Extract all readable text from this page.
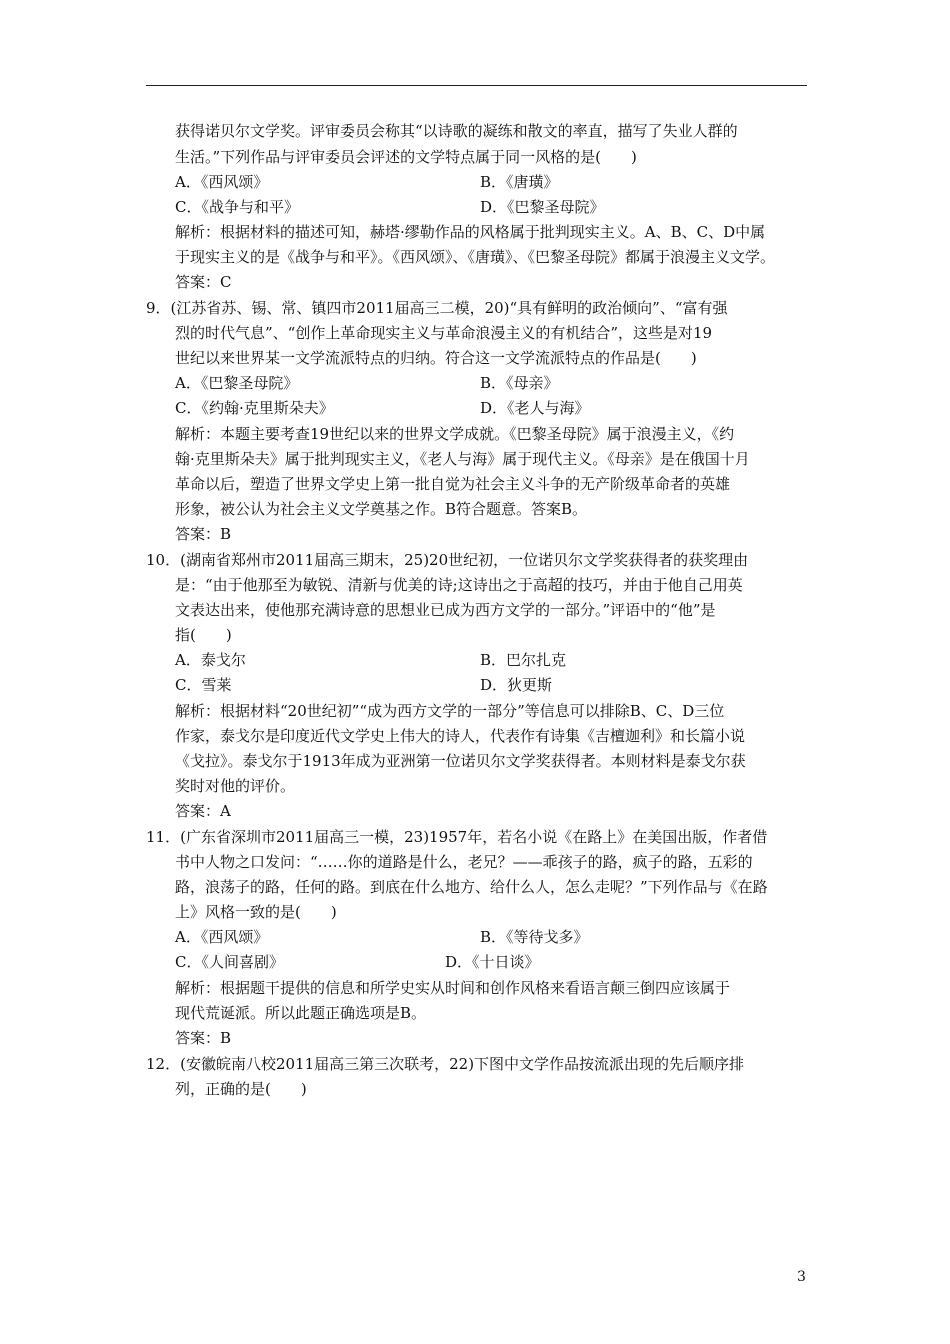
获得诺贝尔文学奖。评审委员会称其“以诗歌的凝练和散文的率直，描写了失业人群的
生活。”下列作品与评审委员会评述的文学特点属于同一风格的是(　　)
A．《西风颂》	B．《唐璜》
C．《战争与和平》	D．《巴黎圣母院》
解析：根据材料的描述可知，赫塔·缪勒作品的风格属于批判现实主义。A、B、C、D中属
于现实主义的是《战争与和平》。《西风颂》、《唐璜》、《巴黎圣母院》都属于浪漫主义文学。
答案：C
9．(江苏省苏、锡、常、镇四市2011届高三二模，20)“具有鲜明的政治倾向”、“富有强
烈的时代气息”、“创作上革命现实主义与革命浪漫主义的有机结合”，这些是对19
世纪以来世界某一文学流派特点的归纳。符合这一文学流派特点的作品是(　　)
A．《巴黎圣母院》	B．《母亲》
C．《约翰·克里斯朵夫》	D．《老人与海》
解析：本题主要考查19世纪以来的世界文学成就。《巴黎圣母院》属于浪漫主义，《约
翰·克里斯朵夫》属于批判现实主义，《老人与海》属于现代主义。《母亲》是在俄国十月
革命以后，塑造了世界文学史上第一批自觉为社会主义斗争的无产阶级革命者的英雄
形象，被公认为社会主义文学奠基之作。B符合题意。答案B。
答案：B
10．(湖南省郑州市2011届高三期末，25)20世纪初，一位诺贝尔文学奖获得者的获奖理由
是：“由于他那至为敏锐、清新与优美的诗;这诗出之于高超的技巧，并由于他自己用英
文表达出来，使他那充满诗意的思想业已成为西方文学的一部分。”评语中的“他”是
指(　　)
A．泰戈尔	B．巴尔扎克
C．雪莱	D．狄更斯
解析：根据材料“20世纪初”“成为西方文学的一部分”等信息可以排除B、C、D三位
作家，泰戈尔是印度近代文学史上伟大的诗人，代表作有诗集《吉檀迦利》和长篇小说
《戈拉》。泰戈尔于1913年成为亚洲第一位诺贝尔文学奖获得者。本则材料是泰戈尔获
奖时对他的评价。
答案：A
11．(广东省深圳市2011届高三一模，23)1957年，若名小说《在路上》在美国出版，作者借
书中人物之口发问：“……你的道路是什么，老兄？——乖孩子的路，疯子的路，五彩的
路，浪荡子的路，任何的路。到底在什么地方、给什么人，怎么走呢？”下列作品与《在路
上》风格一致的是(　　)
A．《西风颂》	B．《等待戈多》
C．《人间喜剧》	D．《十日谈》
解析：根据题干提供的信息和所学史实从时间和创作风格来看语言颠三倒四应该属于
现代荒诞派。所以此题正确选项是B。
答案：B
12．(安徽皖南八校2011届高三第三次联考，22)下图中文学作品按流派出现的先后顺序排
列，正确的是(　　)
3
